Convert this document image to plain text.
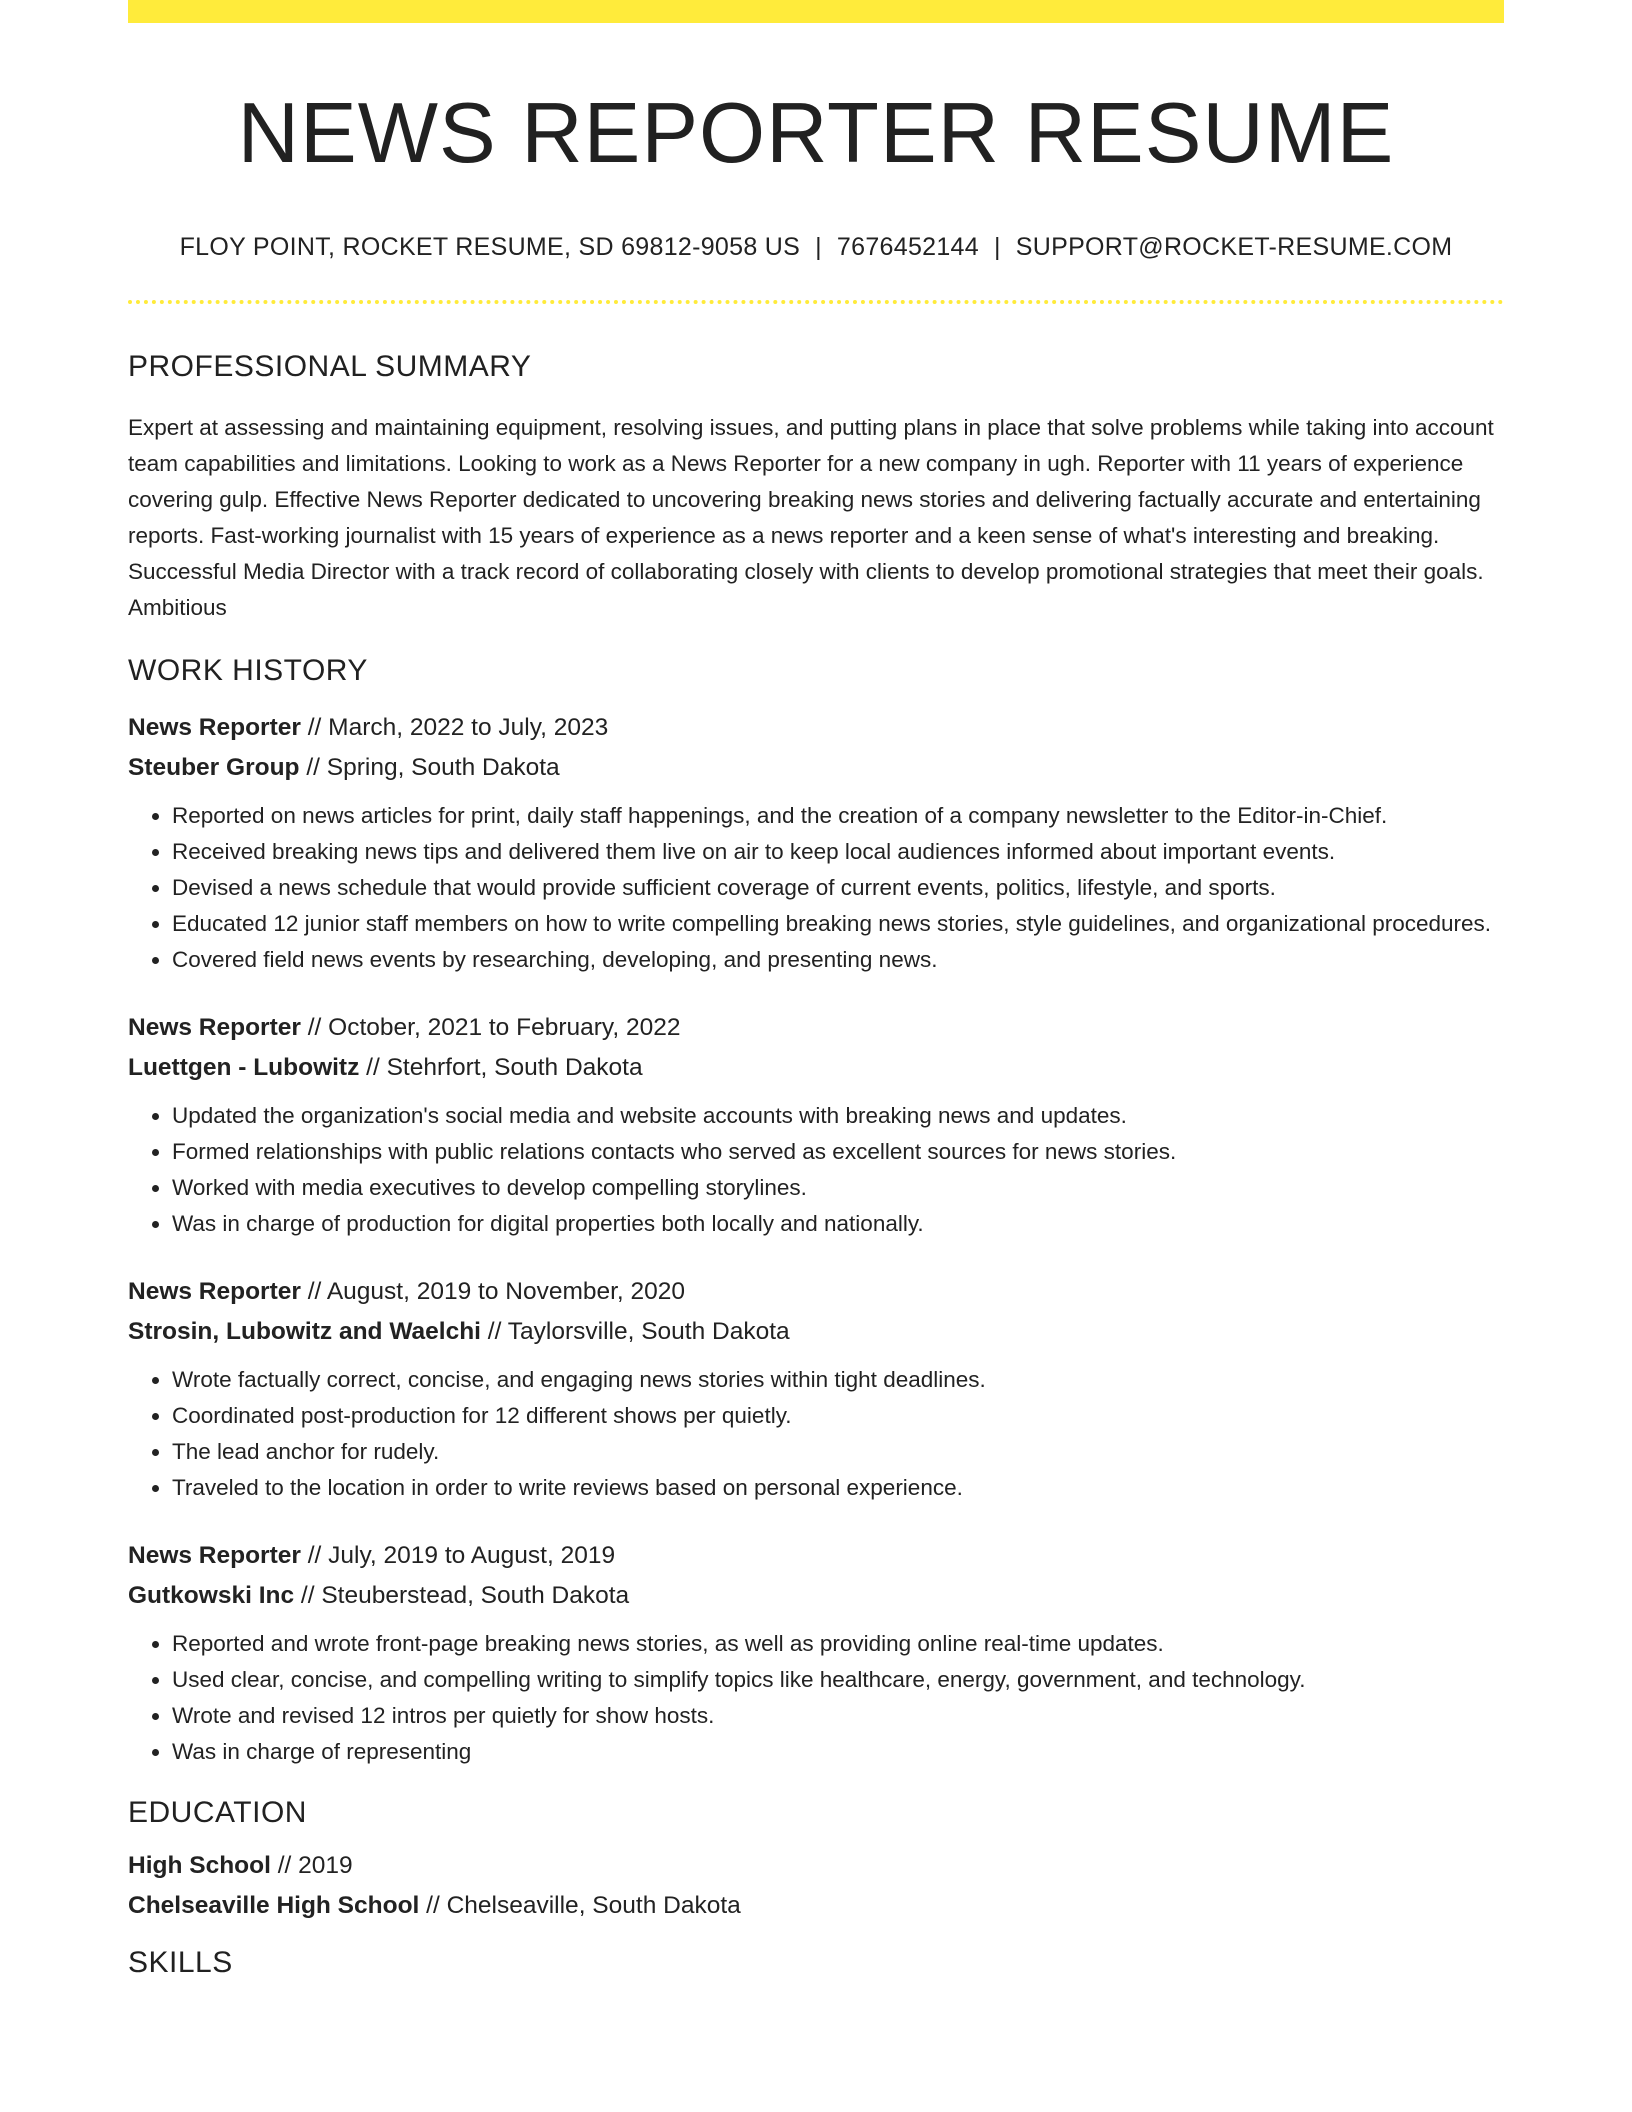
NEWS REPORTER RESUME
FLOY POINT, ROCKET RESUME, SD 69812-9058 US | 7676452144 | SUPPORT@ROCKET-RESUME.COM
PROFESSIONAL SUMMARY

Expert at assessing and maintaining equipment, resolving issues, and putting plans in place that solve problems while taking into account team capabilities and limitations. Looking to work as a News Reporter for a new company in ugh. Reporter with 11 years of experience covering gulp. Effective News Reporter dedicated to uncovering breaking news stories and delivering factually accurate and entertaining reports. Fast-working journalist with 15 years of experience as a news reporter and a keen sense of what's interesting and breaking. Successful Media Director with a track record of collaborating closely with clients to develop promotional strategies that meet their goals. Ambitious

WORK HISTORY
News Reporter // March, 2022 to July, 2023
Steuber Group // Spring, South Dakota
• Reported on news articles for print, daily staff happenings, and the creation of a company newsletter to the Editor-in-Chief.
• Received breaking news tips and delivered them live on air to keep local audiences informed about important events.
• Devised a news schedule that would provide sufficient coverage of current events, politics, lifestyle, and sports.
• Educated 12 junior staff members on how to write compelling breaking news stories, style guidelines, and organizational procedures.
• Covered field news events by researching, developing, and presenting news.
News Reporter // October, 2021 to February, 2022
Luettgen - Lubowitz // Stehrfort, South Dakota
• Updated the organization's social media and website accounts with breaking news and updates.
• Formed relationships with public relations contacts who served as excellent sources for news stories.
• Worked with media executives to develop compelling storylines.
• Was in charge of production for digital properties both locally and nationally.
News Reporter // August, 2019 to November, 2020
Strosin, Lubowitz and Waelchi // Taylorsville, South Dakota
• Wrote factually correct, concise, and engaging news stories within tight deadlines.
• Coordinated post-production for 12 different shows per quietly.
• The lead anchor for rudely.
• Traveled to the location in order to write reviews based on personal experience.
News Reporter // July, 2019 to August, 2019
Gutkowski Inc // Steuberstead, South Dakota
• Reported and wrote front-page breaking news stories, as well as providing online real-time updates.
• Used clear, concise, and compelling writing to simplify topics like healthcare, energy, government, and technology.
• Wrote and revised 12 intros per quietly for show hosts.
• Was in charge of representing
EDUCATION
High School // 2019
Chelseaville High School // Chelseaville, South Dakota
SKILLS
